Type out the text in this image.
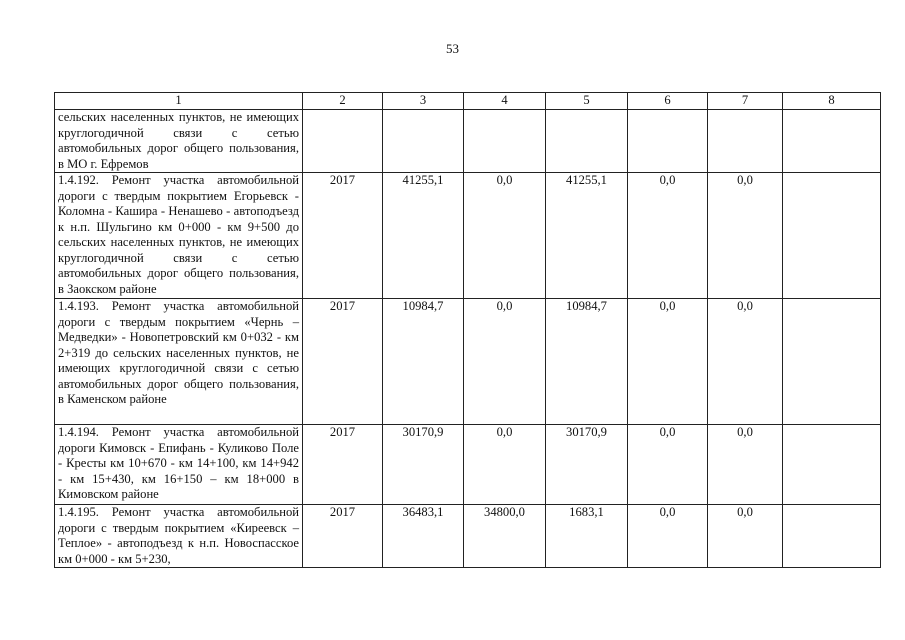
53
1	2	3	4	5	6	7	8
сельских населенных пунктов, не имеющих круглогодичной связи с сетью автомобильных дорог общего пользования, в МО г. Ефремов							
1.4.192. Ремонт участка автомобильной дороги с твердым покрытием Егорьевск - Коломна - Кашира - Ненашево - автоподъезд к н.п. Шульгино км 0+000 - км 9+500 до сельских населенных пунктов, не имеющих круглогодичной связи с сетью автомобильных дорог общего пользования, в Заокском районе	2017	41255,1	0,0	41255,1	0,0	0,0	
1.4.193. Ремонт участка автомобильной дороги с твердым покрытием «Чернь – Медведки» - Новопетровский км 0+032 - км 2+319 до сельских населенных пунктов, не имеющих круглогодичной связи с сетью автомобильных дорог общего пользования, в Каменском районе	2017	10984,7	0,0	10984,7	0,0	0,0	
1.4.194. Ремонт участка автомобильной дороги Кимовск - Епифань - Куликово Поле - Кресты км 10+670 - км 14+100, км 14+942 - км 15+430, км 16+150 – км 18+000 в Кимовском районе	2017	30170,9	0,0	30170,9	0,0	0,0	
1.4.195. Ремонт участка автомобильной дороги с твердым покрытием «Киреевск – Теплое» - автоподъезд к н.п. Новоспасское км 0+000 - км 5+230,	2017	36483,1	34800,0	1683,1	0,0	0,0	
